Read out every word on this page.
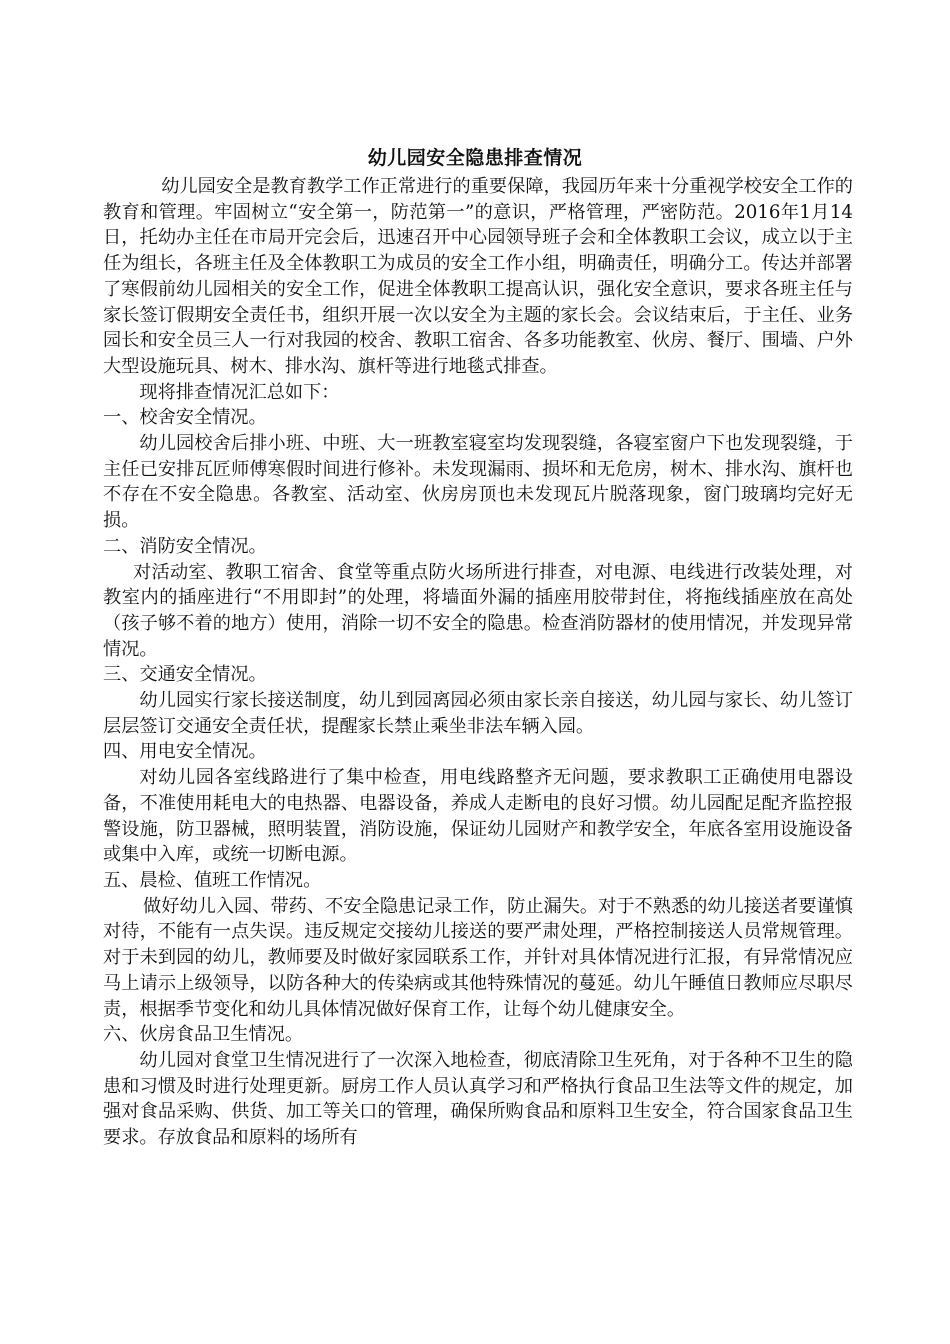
幼儿园安全隐患排查情况

幼儿园安全是教育教学工作正常进行的重要保障，我园历年来十分重视学校安全工作的教育和管理。牢固树立“安全第一，防范第一”的意识，严格管理，严密防范。2016年1月14日，托幼办主任在市局开完会后，迅速召开中心园领导班子会和全体教职工会议，成立以于主任为组长，各班主任及全体教职工为成员的安全工作小组，明确责任，明确分工。传达并部署了寒假前幼儿园相关的安全工作，促进全体教职工提高认识，强化安全意识，要求各班主任与家长签订假期安全责任书，组织开展一次以安全为主题的家长会。会议结束后，于主任、业务园长和安全员三人一行对我园的校舍、教职工宿舍、各多功能教室、伙房、餐厅、围墙、户外大型设施玩具、树木、排水沟、旗杆等进行地毯式排查。

现将排查情况汇总如下：

一、校舍安全情况。

幼儿园校舍后排小班、中班、大一班教室寝室均发现裂缝，各寝室窗户下也发现裂缝，于主任已安排瓦匠师傅寒假时间进行修补。未发现漏雨、损坏和无危房，树木、排水沟、旗杆也不存在不安全隐患。各教室、活动室、伙房房顶也未发现瓦片脱落现象，窗门玻璃均完好无损。

二、消防安全情况。

对活动室、教职工宿舍、食堂等重点防火场所进行排查，对电源、电线进行改装处理，对教室内的插座进行“不用即封”的处理，将墙面外漏的插座用胶带封住，将拖线插座放在高处（孩子够不着的地方）使用，消除一切不安全的隐患。检查消防器材的使用情况，并发现异常情况。

三、交通安全情况。

幼儿园实行家长接送制度，幼儿到园离园必须由家长亲自接送，幼儿园与家长、幼儿签订层层签订交通安全责任状，提醒家长禁止乘坐非法车辆入园。

四、用电安全情况。

对幼儿园各室线路进行了集中检查，用电线路整齐无问题，要求教职工正确使用电器设备，不准使用耗电大的电热器、电器设备，养成人走断电的良好习惯。幼儿园配足配齐监控报警设施，防卫器械，照明装置，消防设施，保证幼儿园财产和教学安全，年底各室用设施设备或集中入库，或统一切断电源。

五、晨检、值班工作情况。

做好幼儿入园、带药、不安全隐患记录工作，防止漏失。对于不熟悉的幼儿接送者要谨慎对待，不能有一点失误。违反规定交接幼儿接送的要严肃处理，严格控制接送人员常规管理。对于未到园的幼儿，教师要及时做好家园联系工作，并针对具体情况进行汇报，有异常情况应马上请示上级领导，以防各种大的传染病或其他特殊情况的蔓延。幼儿午睡值日教师应尽职尽责，根据季节变化和幼儿具体情况做好保育工作，让每个幼儿健康安全。

六、伙房食品卫生情况。

幼儿园对食堂卫生情况进行了一次深入地检查，彻底清除卫生死角，对于各种不卫生的隐患和习惯及时进行处理更新。厨房工作人员认真学习和严格执行食品卫生法等文件的规定，加强对食品采购、供货、加工等关口的管理，确保所购食品和原料卫生安全，符合国家食品卫生要求。存放食品和原料的场所有
